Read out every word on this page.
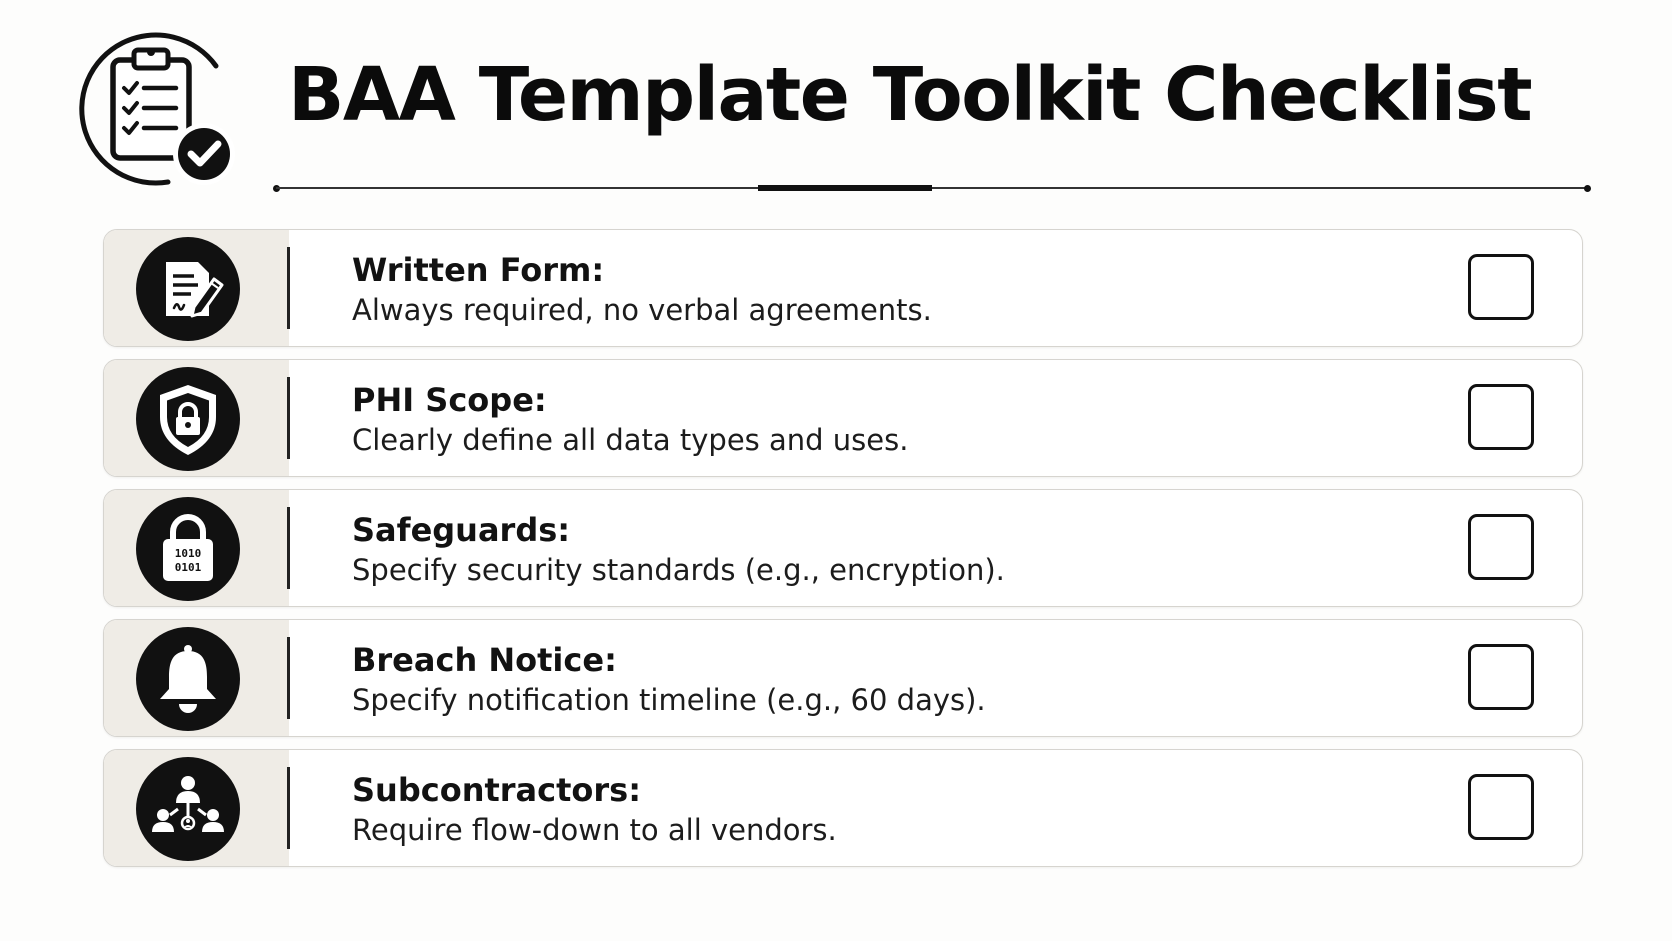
BAA Template Toolkit Checklist
Written Form:
Always required, no verbal agreements.
PHI Scope:
Clearly define all data types and uses.
1010
0101
Safeguards:
Specify security standards (e.g., encryption).
Breach Notice:
Specify notification timeline (e.g., 60 days).
Subcontractors:
Require flow-down to all vendors.
